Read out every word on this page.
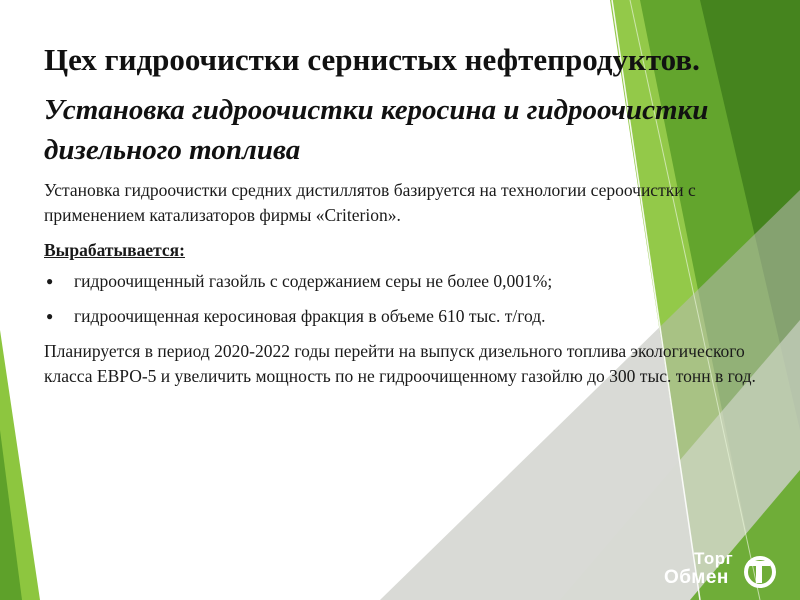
Цех гидроочистки сернистых нефтепродуктов.
Установка гидроочистки керосина и гидроочистки дизельного топлива

Установка гидроочистки средних дистиллятов базируется на технологии сероочистки с применением катализаторов фирмы «Criterion».

Вырабатывается:

● гидроочищенный газойль с содержанием серы не более 0,001%;
● гидроочищенная керосиновая фракция в объеме 610 тыс. т/год.

Планируется в период 2020-2022 годы перейти на выпуск дизельного топлива экологического класса ЕВРО-5 и увеличить мощность по не гидроочищенному газойлю до 300 тыс. тонн в год.

Торг
Обмен
